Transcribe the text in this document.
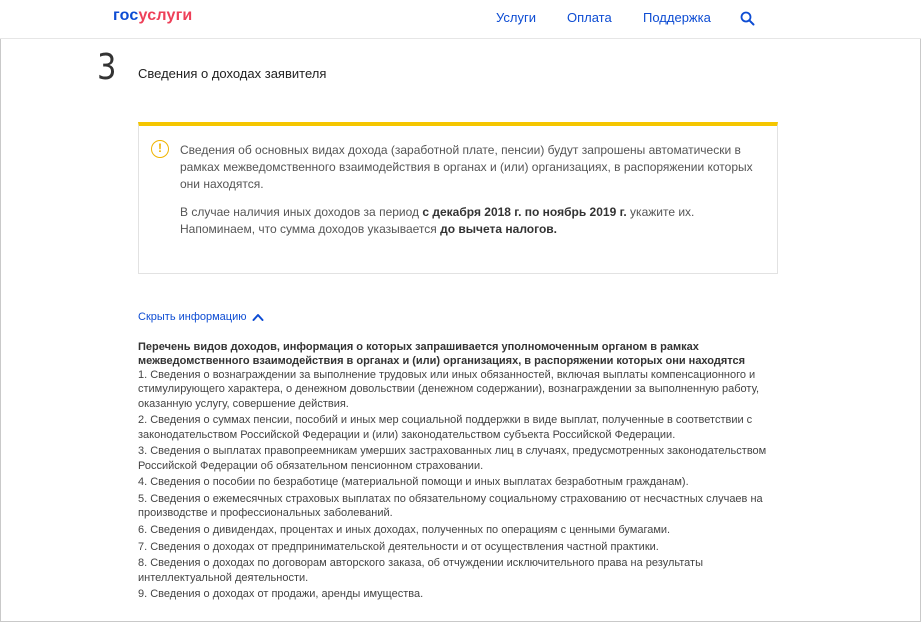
госуслуги	Услуги Оплата Поддержка
3 Сведения о доходах заявителя
!	Сведения об основных видах дохода (заработной плате, пенсии) будут запрошены автоматически в рамках межведомственного взаимодействия в органах и (или) организациях, в распоряжении которых они находятся.

В случае наличия иных доходов за период с декабря 2018 г. по ноябрь 2019 г. укажите их.
Напоминаем, что сумма доходов указывается до вычета налогов.

Скрыть информацию
Перечень видов доходов, информация о которых запрашивается уполномоченным органом в рамках межведомственного взаимодействия в органах и (или) организациях, в распоряжении которых они находятся

1. Сведения о вознаграждении за выполнение трудовых или иных обязанностей, включая выплаты компенсационного и стимулирующего характера, о денежном довольствии (денежном содержании), вознаграждении за выполненную работу, оказанную услугу, совершение действия.

2. Сведения о суммах пенсии, пособий и иных мер социальной поддержки в виде выплат, полученные в соответствии с законодательством Российской Федерации и (или) законодательством субъекта Российской Федерации.

3. Сведения о выплатах правопреемникам умерших застрахованных лиц в случаях, предусмотренных законодательством Российской Федерации об обязательном пенсионном страховании.

4. Сведения о пособии по безработице (материальной помощи и иных выплатах безработным гражданам).

5. Сведения о ежемесячных страховых выплатах по обязательному социальному страхованию от несчастных случаев на производстве и профессиональных заболеваний.

6. Сведения о дивидендах, процентах и иных доходах, полученных по операциям с ценными бумагами.

7. Сведения о доходах от предпринимательской деятельности и от осуществления частной практики.

8. Сведения о доходах по договорам авторского заказа, об отчуждении исключительного права на результаты интеллектуальной деятельности.

9. Сведения о доходах от продажи, аренды имущества.
